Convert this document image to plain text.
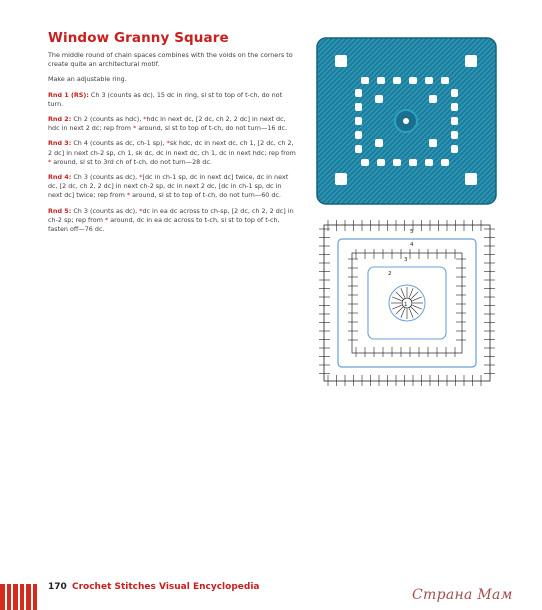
Window Granny Square

The middle round of chain spaces combines with the voids on the corners to create quite an architectural motif.

Make an adjustable ring.

Rnd 1 (RS): Ch 3 (counts as dc), 15 dc in ring, sl st to top of t-ch, do not turn.

Rnd 2: Ch 2 (counts as hdc), *hdc in next dc, [2 dc, ch 2, 2 dc] in next dc, hdc in next 2 dc; rep from * around, sl st to top of t-ch, do not turn—16 dc.

Rnd 3: Ch 4 (counts as dc, ch-1 sp), *sk hdc, dc in next dc, ch 1, [2 dc, ch 2, 2 dc] in next ch-2 sp, ch 1, sk dc, dc in next dc, ch 1, dc in next hdc; rep from * around, sl st to 3rd ch of t-ch, do not turn—28 dc.

Rnd 4: Ch 3 (counts as dc), *[dc in ch-1 sp, dc in next dc] twice, dc in next dc, [2 dc, ch 2, 2 dc] in next ch-2 sp, dc in next 2 dc, [dc in ch-1 sp, dc in next dc] twice; rep from * around, sl st to top of t-ch, do not turn—60 dc.

Rnd 5: Ch 3 (counts as dc), *dc in ea dc across to ch-sp, [2 dc, ch 2, 2 dc] in ch-2 sp; rep from * around, dc in ea dc across to t-ch, sl st to top of t-ch, fasten off—76 dc.	5
4
3
2
1
170 Crochet Stitches Visual Encyclopedia	Страна Мам
